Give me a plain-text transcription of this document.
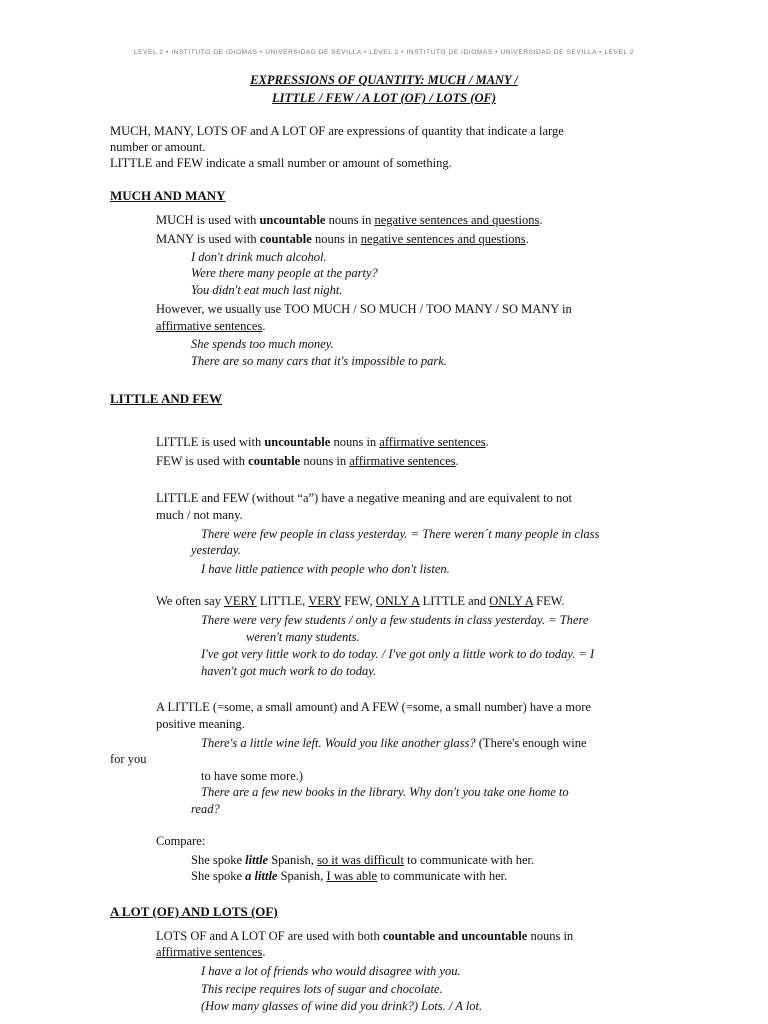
LEVEL 2 • INSTITUTO DE IDIOMAS • UNIVERSIDAD DE SEVILLA • LEVEL 2 • INSTITUTO DE IDIOMAS • UNIVERSIDAD DE SEVILLA • LEVEL 2
EXPRESSIONS OF QUANTITY: MUCH / MANY /
LITTLE / FEW / A LOT (OF) / LOTS (OF)
MUCH, MANY, LOTS OF and A LOT OF are expressions of quantity that indicate a large
number or amount.
LITTLE and FEW indicate a small number or amount of something.
MUCH AND MANY
MUCH is used with uncountable nouns in negative sentences and questions.
MANY is used with countable nouns in negative sentences and questions.
I don't drink much alcohol.
Were there many people at the party?
You didn't eat much last night.
However, we usually use TOO MUCH / SO MUCH / TOO MANY / SO MANY in
affirmative sentences.
She spends too much money.
There are so many cars that it's impossible to park.
LITTLE AND FEW
LITTLE is used with uncountable nouns in affirmative sentences.
FEW is used with countable nouns in affirmative sentences.
LITTLE and FEW (without “a”) have a negative meaning and are equivalent to not
much / not many.
There were few people in class yesterday. = There weren´t many people in class
yesterday.
I have little patience with people who don't listen.
We often say VERY LITTLE, VERY FEW, ONLY A LITTLE and ONLY A FEW.
There were very few students / only a few students in class yesterday. = There
weren't many students.
I've got very little work to do today. / I've got only a little work to do today. = I
haven't got much work to do today.
A LITTLE (=some, a small amount) and A FEW (=some, a small number) have a more
positive meaning.
There's a little wine left. Would you like another glass? (There's enough wine
for you
to have some more.)
There are a few new books in the library. Why don't you take one home to
read?
Compare:
She spoke little Spanish, so it was difficult to communicate with her.
She spoke a little Spanish, I was able to communicate with her.
A LOT (OF) AND LOTS (OF)
LOTS OF and A LOT OF are used with both countable and uncountable nouns in
affirmative sentences.
I have a lot of friends who would disagree with you.
This recipe requires lots of sugar and chocolate.
(How many glasses of wine did you drink?) Lots. / A lot.
